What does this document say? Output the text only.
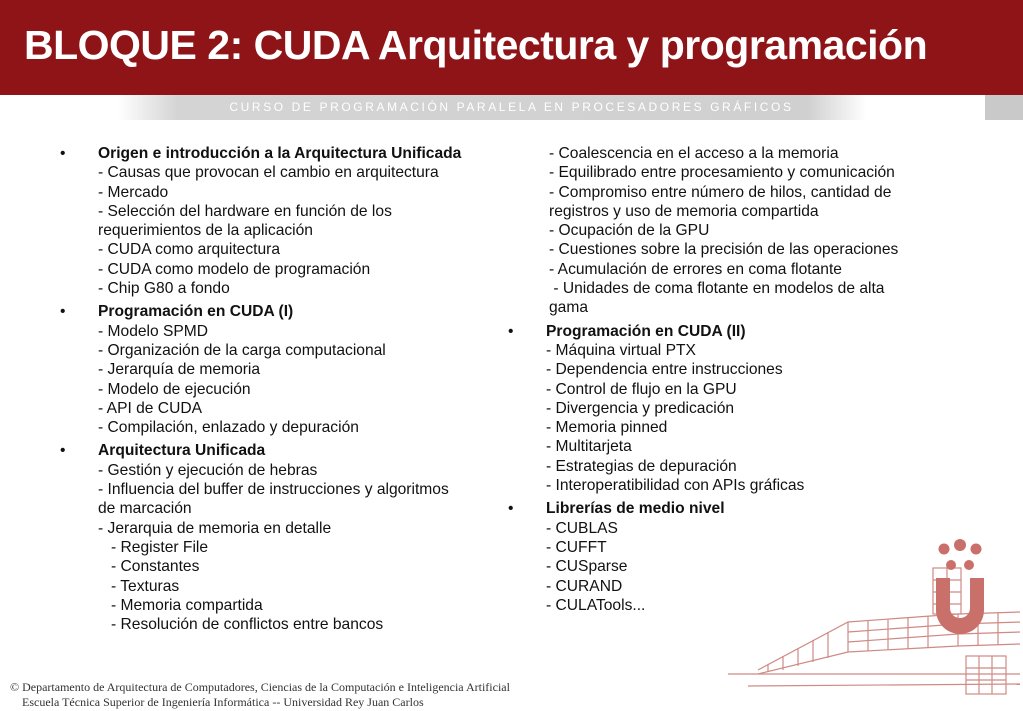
BLOQUE 2: CUDA Arquitectura y programación
CURSO DE PROGRAMACIÓN PARALELA EN PROCESADORES GRÁFICOS
• Origen e introducción a la Arquitectura Unificada
- Causas que provocan el cambio en arquitectura
- Mercado
- Selección del hardware en función de los
requerimientos de la aplicación
- CUDA como arquitectura
- CUDA como modelo de programación
- Chip G80 a fondo
• Programación en CUDA (I)
- Modelo SPMD
- Organización de la carga computacional
- Jerarquía de memoria
- Modelo de ejecución
- API de CUDA
- Compilación, enlazado y depuración
• Arquitectura Unificada
- Gestión y ejecución de hebras
- Influencia del buffer de instrucciones y algoritmos
de marcación
- Jerarquia de memoria en detalle
- Register File
- Constantes
- Texturas
- Memoria compartida
- Resolución de conflictos entre bancos
- Coalescencia en el acceso a la memoria
- Equilibrado entre procesamiento y comunicación
- Compromiso entre número de hilos, cantidad de
registros y uso de memoria compartida
- Ocupación de la GPU
- Cuestiones sobre la precisión de las operaciones
- Acumulación de errores en coma flotante
- Unidades de coma flotante en modelos de alta
gama
• Programación en CUDA (II)
- Máquina virtual PTX
- Dependencia entre instrucciones
- Control de flujo en la GPU
- Divergencia y predicación
- Memoria pinned
- Multitarjeta
- Estrategias de depuración
- Interoperatibilidad con APIs gráficas
• Librerías de medio nivel
- CUBLAS
- CUFFT
- CUSparse
- CURAND
- CULATools...
© Departamento de Arquitectura de Computadores, Ciencias de la Computación e Inteligencia Artificial
Escuela Técnica Superior de Ingeniería Informática -- Universidad Rey Juan Carlos
